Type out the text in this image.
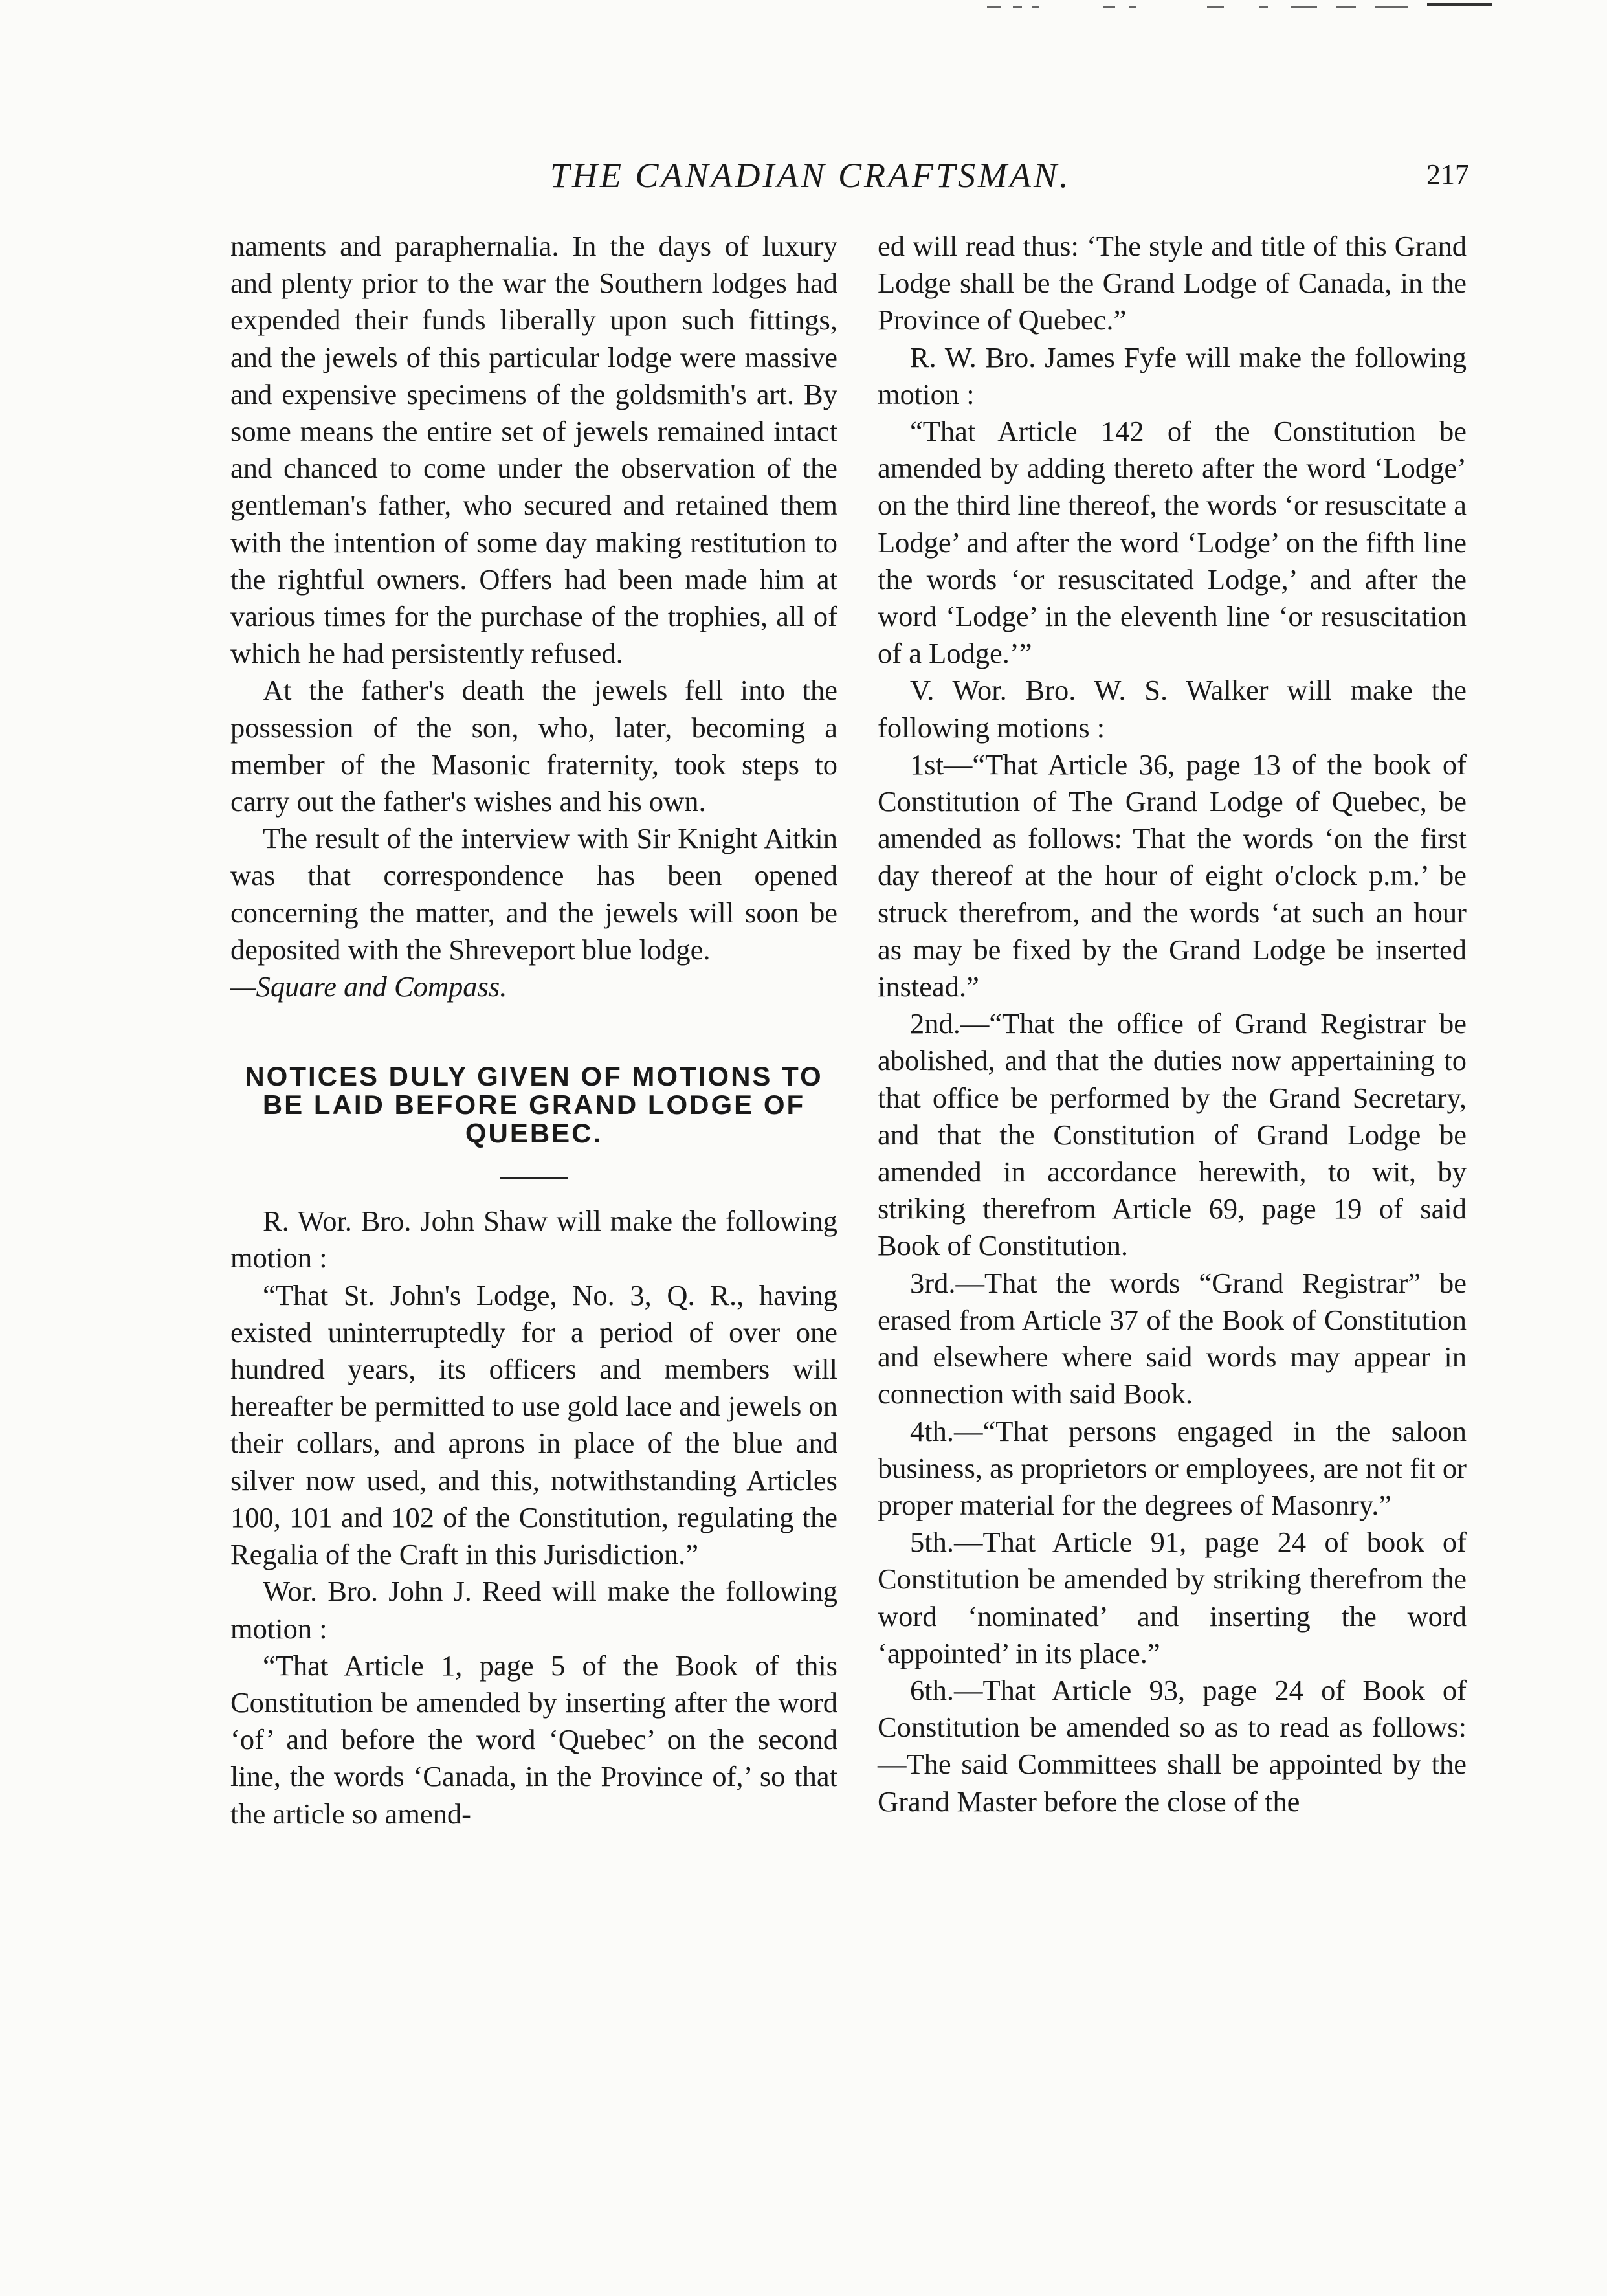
THE CANADIAN CRAFTSMAN.	217

naments and paraphernalia. In the days of luxury and plenty prior to the war the Southern lodges had expended their funds liberally upon such fittings, and the jewels of this particular lodge were massive and expensive specimens of the goldsmith's art. By some means the entire set of jewels remained intact and chanced to come under the observation of the gentleman's father, who secured and retained them with the intention of some day making restitution to the rightful owners. Offers had been made him at various times for the purchase of the trophies, all of which he had persistently refused.

At the father's death the jewels fell into the possession of the son, who, later, becoming a member of the Masonic fraternity, took steps to carry out the father's wishes and his own.

The result of the interview with Sir Knight Aitkin was that correspondence has been opened concerning the matter, and the jewels will soon be deposited with the Shreveport blue lodge.

—Square and Compass.

NOTICES DULY GIVEN OF MOTIONS TO BE LAID BEFORE GRAND LODGE OF QUEBEC.

R. Wor. Bro. John Shaw will make the following motion :

“That St. John's Lodge, No. 3, Q. R., having existed uninterruptedly for a period of over one hundred years, its officers and members will hereafter be permitted to use gold lace and jewels on their collars, and aprons in place of the blue and silver now used, and this, notwithstanding Articles 100, 101 and 102 of the Constitution, regulating the Regalia of the Craft in this Jurisdiction.”

Wor. Bro. John J. Reed will make the following motion :

“That Article 1, page 5 of the Book of this Constitution be amended by inserting after the word ‘of’ and before the word ‘Quebec’ on the second line, the words ‘Canada, in the Province of,’ so that the article so amend-

ed will read thus: ‘The style and title of this Grand Lodge shall be the Grand Lodge of Canada, in the Province of Quebec.”

R. W. Bro. James Fyfe will make the following motion :

“That Article 142 of the Constitution be amended by adding thereto after the word ‘Lodge’ on the third line thereof, the words ‘or resuscitate a Lodge’ and after the word ‘Lodge’ on the fifth line the words ‘or resuscitated Lodge,’ and after the word ‘Lodge’ in the eleventh line ‘or resuscitation of a Lodge.’”

V. Wor. Bro. W. S. Walker will make the following motions :

1st—“That Article 36, page 13 of the book of Constitution of The Grand Lodge of Quebec, be amended as follows: That the words ‘on the first day thereof at the hour of eight o'clock p.m.’ be struck therefrom, and the words ‘at such an hour as may be fixed by the Grand Lodge be inserted instead.”

2nd.—“That the office of Grand Registrar be abolished, and that the duties now appertaining to that office be performed by the Grand Secretary, and that the Constitution of Grand Lodge be amended in accordance herewith, to wit, by striking therefrom Article 69, page 19 of said Book of Constitution.

3rd.—That the words “Grand Registrar” be erased from Article 37 of the Book of Constitution and elsewhere where said words may appear in connection with said Book.

4th.—“That persons engaged in the saloon business, as proprietors or employees, are not fit or proper material for the degrees of Masonry.”

5th.—That Article 91, page 24 of book of Constitution be amended by striking therefrom the word ‘nominated’ and inserting the word ‘appointed’ in its place.”

6th.—That Article 93, page 24 of Book of Constitution be amended so as to read as follows:—The said Committees shall be appointed by the Grand Master before the close of the
